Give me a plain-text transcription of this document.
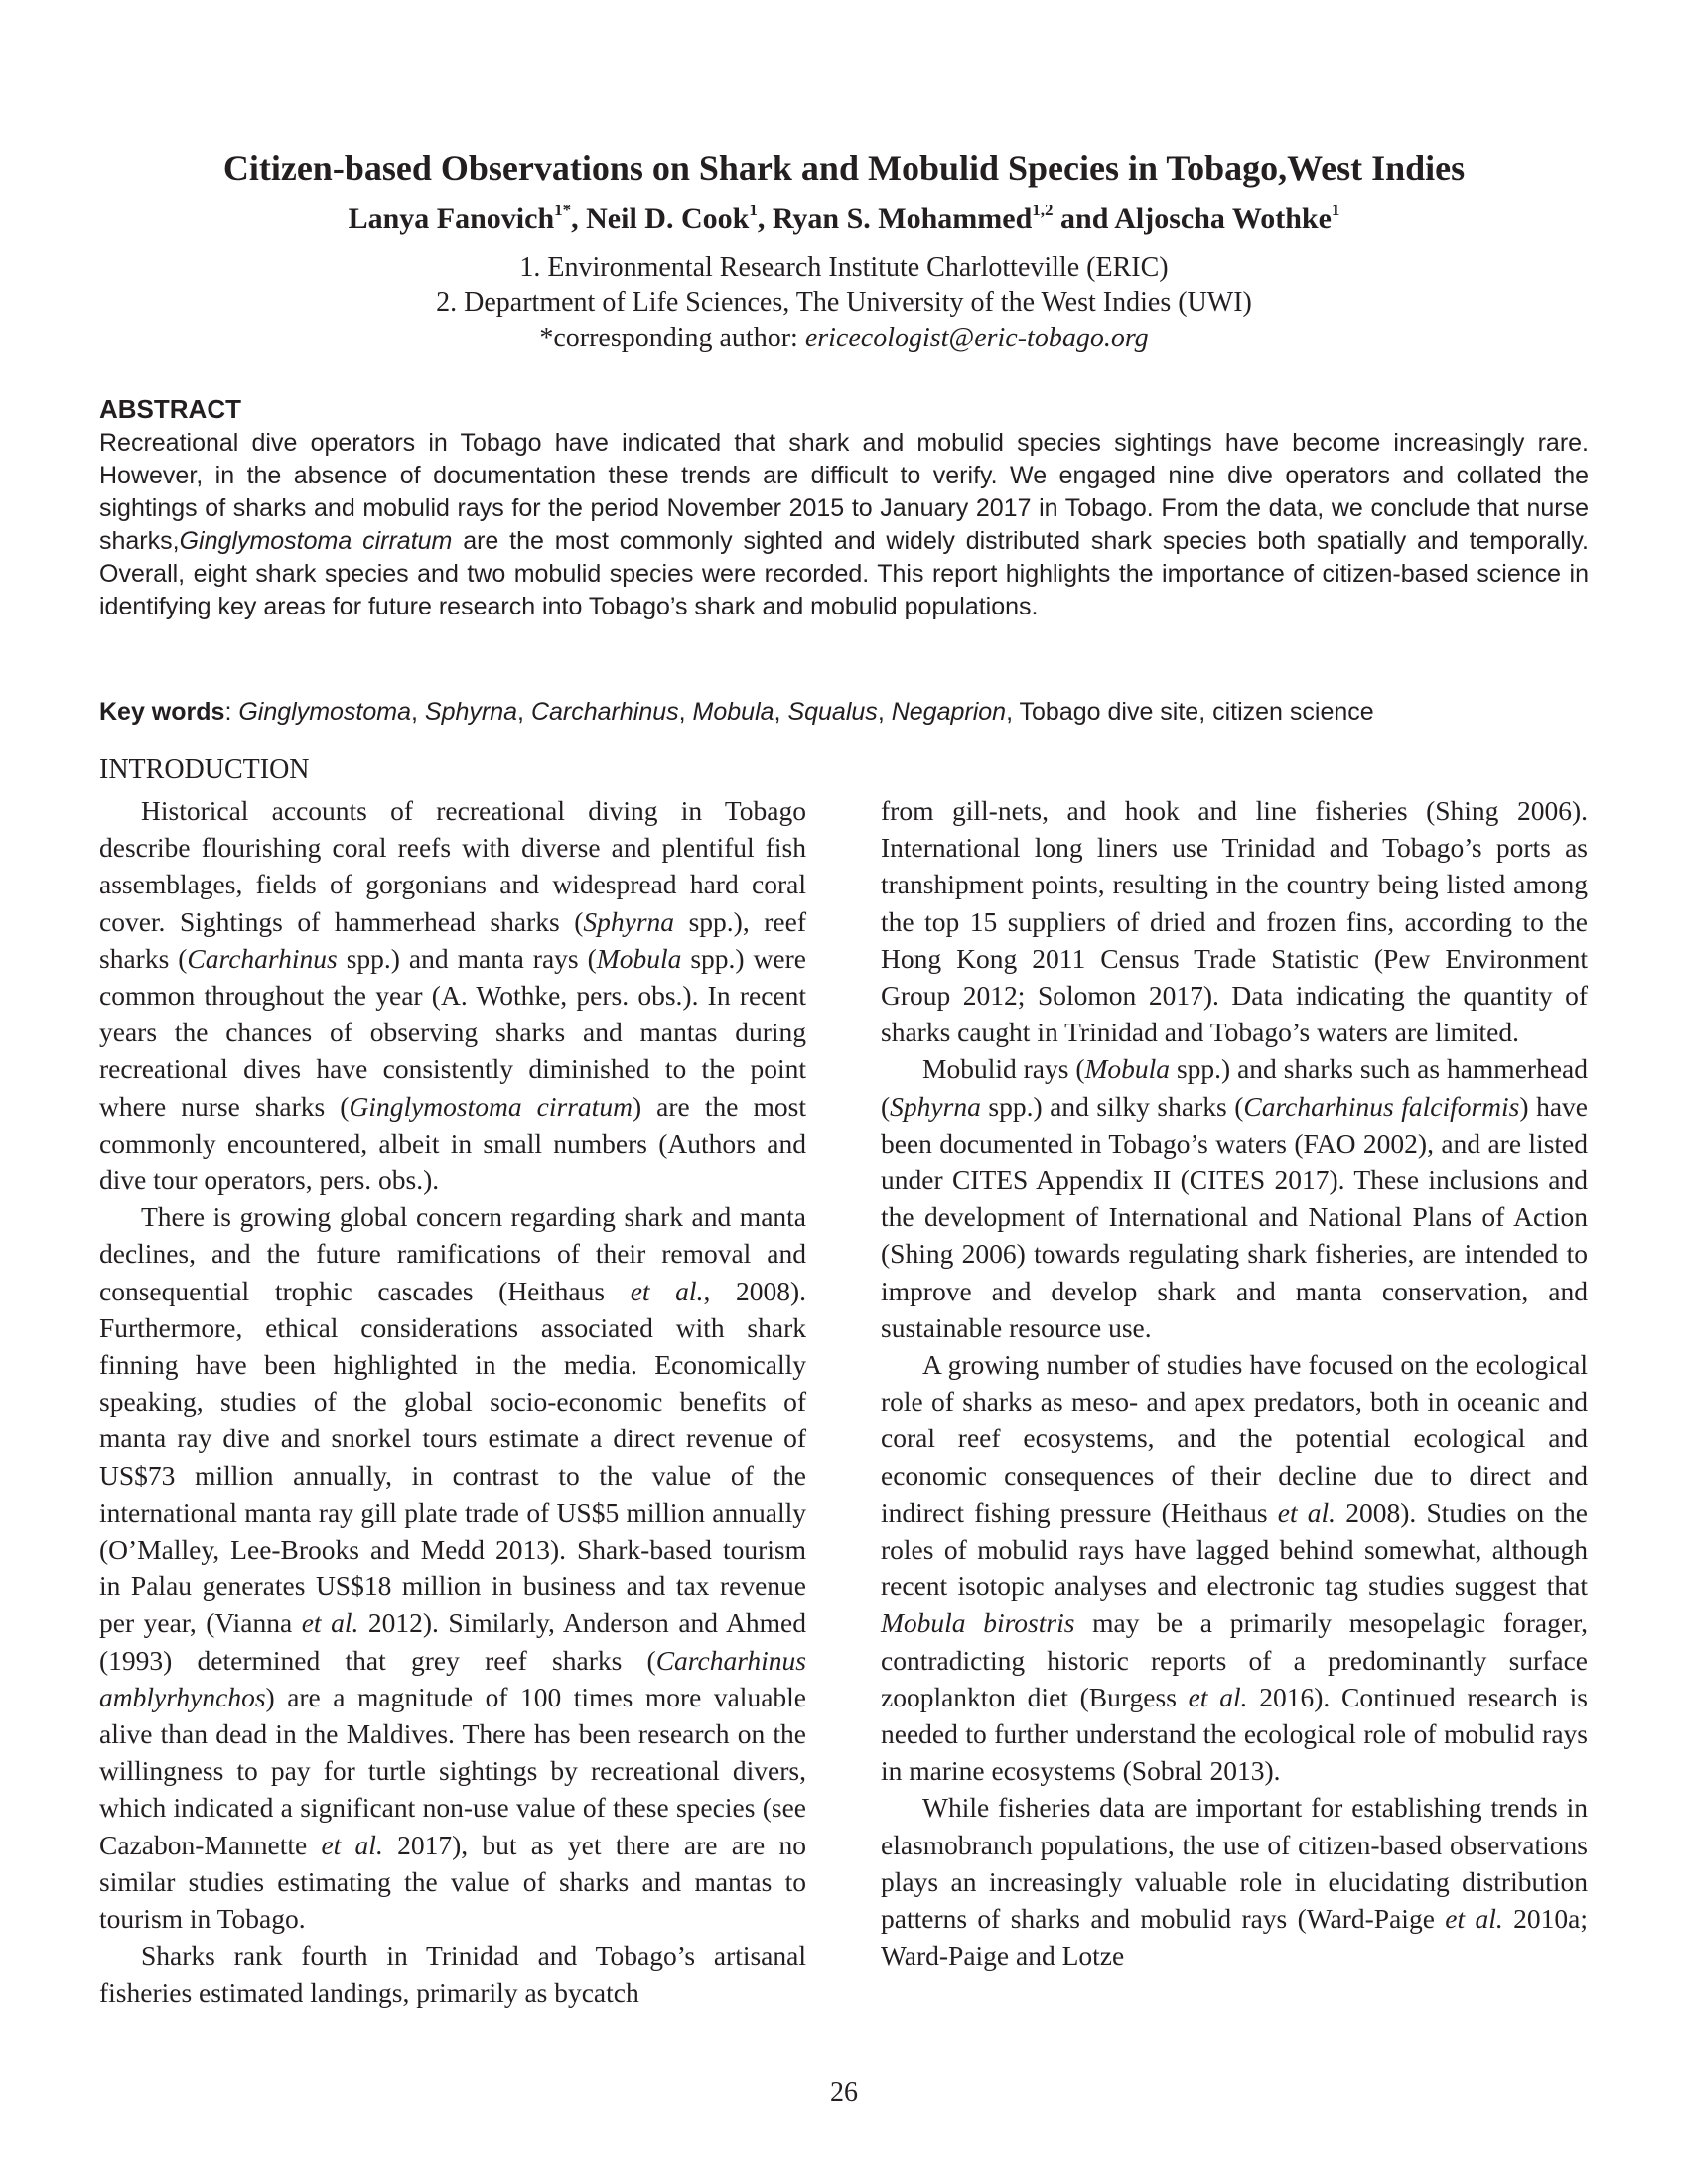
Citizen-based Observations on Shark and Mobulid Species in Tobago,West Indies
Lanya Fanovich$^{1*}$, Neil D. Cook$^1$, Ryan S. Mohammed$^{1,2}$ and Aljoscha Wothke$^1$
1. Environmental Research Institute Charlotteville (ERIC)
2. Department of Life Sciences, The University of the West Indies (UWI)
*corresponding author: ericecologist@eric-tobago.org
ABSTRACT

Recreational dive operators in Tobago have indicated that shark and mobulid species sightings have become increasingly rare. However, in the absence of documentation these trends are difficult to verify. We engaged nine dive operators and collated the sightings of sharks and mobulid rays for the period November 2015 to January 2017 in Tobago. From the data, we conclude that nurse sharks,Ginglymostoma cirratum are the most commonly sighted and widely distributed shark species both spatially and temporally. Overall, eight shark species and two mobulid species were recorded. This report highlights the importance of citizen-based science in identifying key areas for future research into Tobago’s shark and mobulid populations.

Key words: Ginglymostoma, Sphyrna, Carcharhinus, Mobula, Squalus, Negaprion, Tobago dive site, citizen science

INTRODUCTION

Historical accounts of recreational diving in Tobago describe flourishing coral reefs with diverse and plentiful fish assemblages, fields of gorgonians and widespread hard coral cover. Sightings of hammerhead sharks (Sphyrna spp.), reef sharks (Carcharhinus spp.) and manta rays (Mobula spp.) were common throughout the year (A. Wothke, pers. obs.). In recent years the chances of observing sharks and mantas during recreational dives have consistently diminished to the point where nurse sharks (Ginglymostoma cirratum) are the most commonly encountered, albeit in small numbers (Authors and dive tour operators, pers. obs.).

There is growing global concern regarding shark and manta declines, and the future ramifications of their removal and consequential trophic cascades (Heithaus et al., 2008). Furthermore, ethical considerations associated with shark finning have been highlighted in the media. Economically speaking, studies of the global socio-economic benefits of manta ray dive and snorkel tours estimate a direct revenue of US$73 million annually, in contrast to the value of the international manta ray gill plate trade of US$5 million annually (O’Malley, Lee-Brooks and Medd 2013). Shark-based tourism in Palau generates US$18 million in business and tax revenue per year, (Vianna et al. 2012). Similarly, Anderson and Ahmed (1993) determined that grey reef sharks (Carcharhinus amblyrhynchos) are a magnitude of 100 times more valuable alive than dead in the Maldives. There has been research on the willingness to pay for turtle sightings by recreational divers, which indicated a significant non-use value of these species (see Cazabon-Mannette et al. 2017), but as yet there are are no similar studies estimating the value of sharks and mantas to tourism in Tobago.

Sharks rank fourth in Trinidad and Tobago’s artisanal fisheries estimated landings, primarily as bycatch

from gill-nets, and hook and line fisheries (Shing 2006). International long liners use Trinidad and Tobago’s ports as transhipment points, resulting in the country being listed among the top 15 suppliers of dried and frozen fins, according to the Hong Kong 2011 Census Trade Statistic (Pew Environment Group 2012; Solomon 2017). Data indicating the quantity of sharks caught in Trinidad and Tobago’s waters are limited.

Mobulid rays (Mobula spp.) and sharks such as hammerhead (Sphyrna spp.) and silky sharks (Carcharhinus falciformis) have been documented in Tobago’s waters (FAO 2002), and are listed under CITES Appendix II (CITES 2017). These inclusions and the development of International and National Plans of Action (Shing 2006) towards regulating shark fisheries, are intended to improve and develop shark and manta conservation, and sustainable resource use.

A growing number of studies have focused on the ecological role of sharks as meso- and apex predators, both in oceanic and coral reef ecosystems, and the potential ecological and economic consequences of their decline due to direct and indirect fishing pressure (Heithaus et al. 2008). Studies on the roles of mobulid rays have lagged behind somewhat, although recent isotopic analyses and electronic tag studies suggest that Mobula birostris may be a primarily mesopelagic forager, contradicting historic reports of a predominantly surface zooplankton diet (Burgess et al. 2016). Continued research is needed to further understand the ecological role of mobulid rays in marine ecosystems (Sobral 2013).

While fisheries data are important for establishing trends in elasmobranch populations, the use of citizen-based observations plays an increasingly valuable role in elucidating distribution patterns of sharks and mobulid rays (Ward-Paige et al. 2010a; Ward-Paige and Lotze

26
